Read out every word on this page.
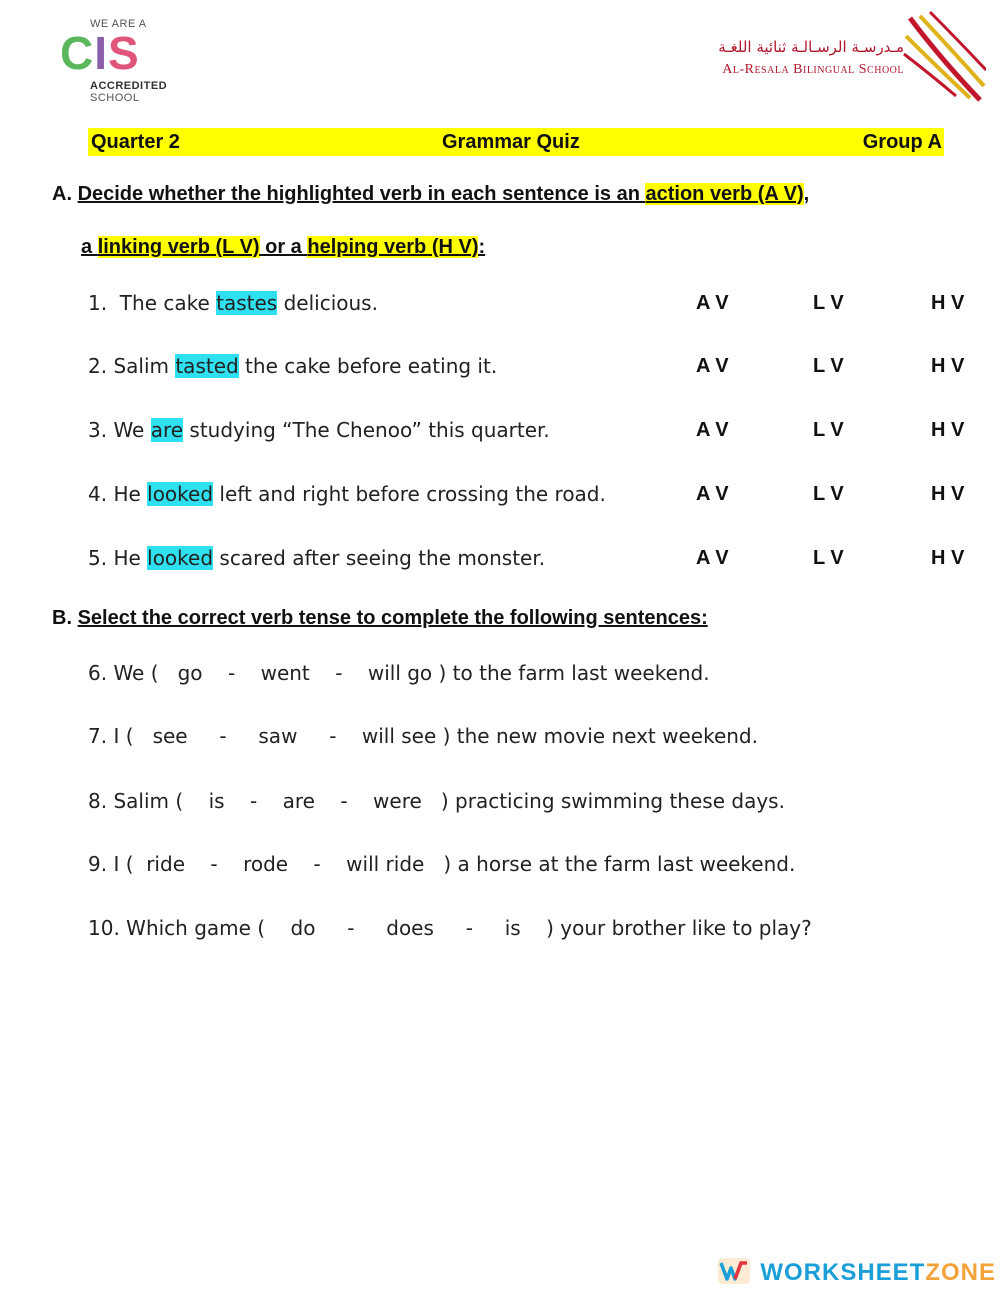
WE ARE A
CIS
ACCREDITED
SCHOOL
مـدرسـة الرسـالـة ثنائية اللغـة
Al-Resala Bilingual School
Quarter 2	Grammar Quiz	Group A
A. Decide whether the highlighted verb in each sentence is an action verb (A V),
a linking verb (L V) or a helping verb (H V):
1.  The cake tastes delicious.	A V	L V	H V
2. Salim tasted the cake before eating it.	A V	L V	H V
3. We are studying “The Chenoo” this quarter.	A V	L V	H V
4. He looked left and right before crossing the road.	A V	L V	H V
5. He looked scared after seeing the monster.	A V	L V	H V
B. Select the correct verb tense to complete the following sentences:
6. We (   go    -    went    -    will go ) to the farm last weekend.
7. I (   see     -     saw     -    will see ) the new movie next weekend.
8. Salim (    is    -    are    -    were   ) practicing swimming these days.
9. I (  ride    -    rode    -    will ride   ) a horse at the farm last weekend.
10. Which game (    do     -     does     -     is    ) your brother like to play?
WORKSHEETZONE
